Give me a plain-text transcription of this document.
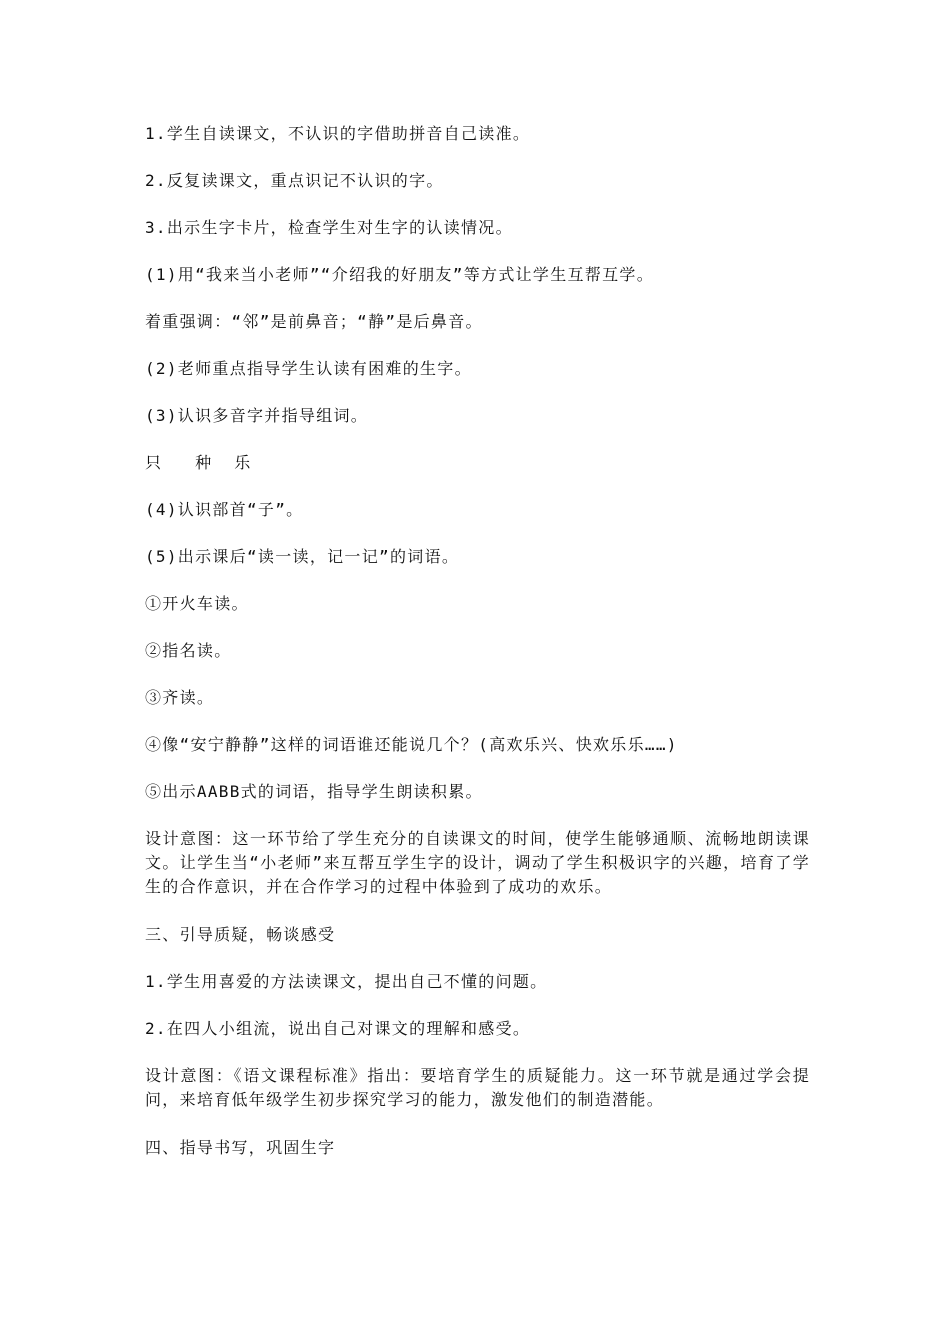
1.学生自读课文，不认识的字借助拼音自己读准。

2.反复读课文，重点识记不认识的字。

3.出示生字卡片，检查学生对生字的认读情况。

(1)用“我来当小老师”“介绍我的好朋友”等方式让学生互帮互学。

着重强调：“邻”是前鼻音；“静”是后鼻音。

(2)老师重点指导学生认读有困难的生字。

(3)认识多音字并指导组词。

只   种  乐

(4)认识部首“子”。

(5)出示课后“读一读，记一记”的词语。

①开火车读。

②指名读。

③齐读。

④像“安宁静静”这样的词语谁还能说几个？(高欢乐兴、快欢乐乐……)

⑤出示AABB式的词语，指导学生朗读积累。

设计意图：这一环节给了学生充分的自读课文的时间，使学生能够通顺、流畅地朗读课文。让学生当“小老师”来互帮互学生字的设计，调动了学生积极识字的兴趣，培育了学生的合作意识，并在合作学习的过程中体验到了成功的欢乐。

三、引导质疑，畅谈感受

1.学生用喜爱的方法读课文，提出自己不懂的问题。

2.在四人小组流，说出自己对课文的理解和感受。

设计意图：《语文课程标准》指出：要培育学生的质疑能力。这一环节就是通过学会提问，来培育低年级学生初步探究学习的能力，激发他们的制造潜能。

四、指导书写，巩固生字
